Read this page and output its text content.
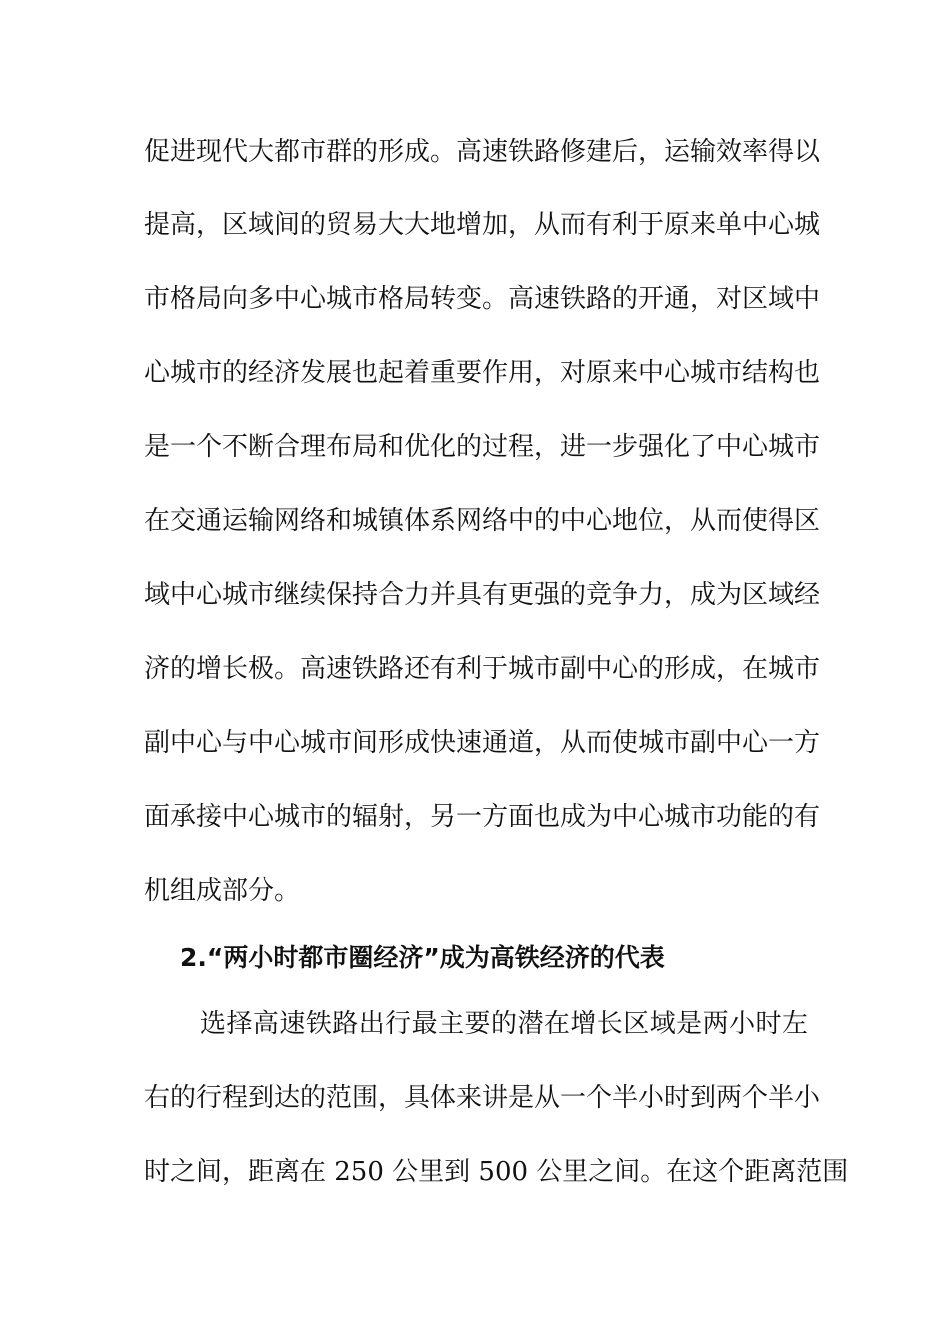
促进现代大都市群的形成。高速铁路修建后，运输效率得以
提高，区域间的贸易大大地增加，从而有利于原来单中心城
市格局向多中心城市格局转变。高速铁路的开通，对区域中
心城市的经济发展也起着重要作用，对原来中心城市结构也
是一个不断合理布局和优化的过程，进一步强化了中心城市
在交通运输网络和城镇体系网络中的中心地位，从而使得区
域中心城市继续保持合力并具有更强的竞争力，成为区域经
济的增长极。高速铁路还有利于城市副中心的形成，在城市
副中心与中心城市间形成快速通道，从而使城市副中心一方
面承接中心城市的辐射，另一方面也成为中心城市功能的有
机组成部分。
2.“两小时都市圈经济”成为高铁经济的代表
选择高速铁路出行最主要的潜在增长区域是两小时左
右的行程到达的范围，具体来讲是从一个半小时到两个半小
时之间，距离在 250 公里到 500 公里之间。在这个距离范围
